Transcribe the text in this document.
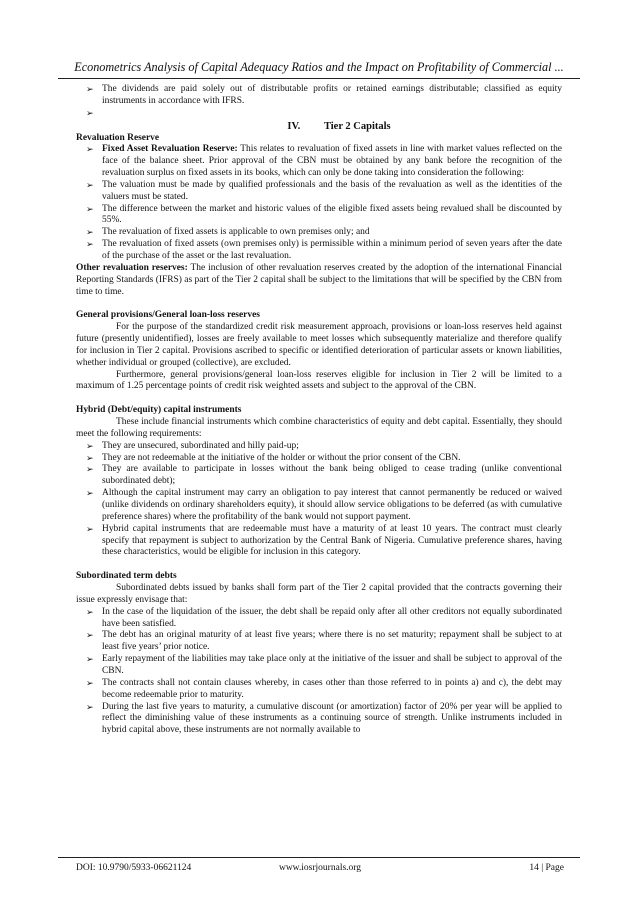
Econometrics Analysis of Capital Adequacy Ratios and the Impact on Profitability of Commercial ...
➢ The dividends are paid solely out of distributable profits or retained earnings distributable; classified as equity instruments in accordance with IFRS.
➢
IV. Tier 2 Capitals
Revaluation Reserve
➢ Fixed Asset Revaluation Reserve: This relates to revaluation of fixed assets in line with market values reflected on the face of the balance sheet. Prior approval of the CBN must be obtained by any bank before the recognition of the revaluation surplus on fixed assets in its books, which can only be done taking into consideration the following:
➢ The valuation must be made by qualified professionals and the basis of the revaluation as well as the identities of the valuers must be stated.
➢ The difference between the market and historic values of the eligible fixed assets being revalued shall be discounted by 55%.
➢ The revaluation of fixed assets is applicable to own premises only; and
➢ The revaluation of fixed assets (own premises only) is permissible within a minimum period of seven years after the date of the purchase of the asset or the last revaluation.
Other revaluation reserves: The inclusion of other revaluation reserves created by the adoption of the international Financial Reporting Standards (IFRS) as part of the Tier 2 capital shall be subject to the limitations that will be specified by the CBN from time to time.
General provisions/General loan-loss reserves
For the purpose of the standardized credit risk measurement approach, provisions or loan-loss reserves held against future (presently unidentified), losses are freely available to meet losses which subsequently materialize and therefore qualify for inclusion in Tier 2 capital. Provisions ascribed to specific or identified deterioration of particular assets or known liabilities, whether individual or grouped (collective), are excluded.
Furthermore, general provisions/general loan-loss reserves eligible for inclusion in Tier 2 will be limited to a maximum of 1.25 percentage points of credit risk weighted assets and subject to the approval of the CBN.
Hybrid (Debt/equity) capital instruments
These include financial instruments which combine characteristics of equity and debt capital. Essentially, they should meet the following requirements:
➢ They are unsecured, subordinated and hilly paid-up;
➢ They are not redeemable at the initiative of the holder or without the prior consent of the CBN.
➢ They are available to participate in losses without the bank being obliged to cease trading (unlike conventional subordinated debt);
➢ Although the capital instrument may carry an obligation to pay interest that cannot permanently be reduced or waived (unlike dividends on ordinary shareholders equity), it should allow service obligations to be deferred (as with cumulative preference shares) where the profitability of the bank would not support payment.
➢ Hybrid capital instruments that are redeemable must have a maturity of at least 10 years. The contract must clearly specify that repayment is subject to authorization by the Central Bank of Nigeria. Cumulative preference shares, having these characteristics, would be eligible for inclusion in this category.
Subordinated term debts
Subordinated debts issued by banks shall form part of the Tier 2 capital provided that the contracts governing their issue expressly envisage that:
➢ In the case of the liquidation of the issuer, the debt shall be repaid only after all other creditors not equally subordinated have been satisfied.
➢ The debt has an original maturity of at least five years; where there is no set maturity; repayment shall be subject to at least five years’ prior notice.
➢ Early repayment of the liabilities may take place only at the initiative of the issuer and shall be subject to approval of the CBN.
➢ The contracts shall not contain clauses whereby, in cases other than those referred to in points a) and c), the debt may become redeemable prior to maturity.
➢ During the last five years to maturity, a cumulative discount (or amortization) factor of 20% per year will be applied to reflect the diminishing value of these instruments as a continuing source of strength. Unlike instruments included in hybrid capital above, these instruments are not normally available to
DOI: 10.9790/5933-06621124	www.iosrjournals.org	14 | Page
